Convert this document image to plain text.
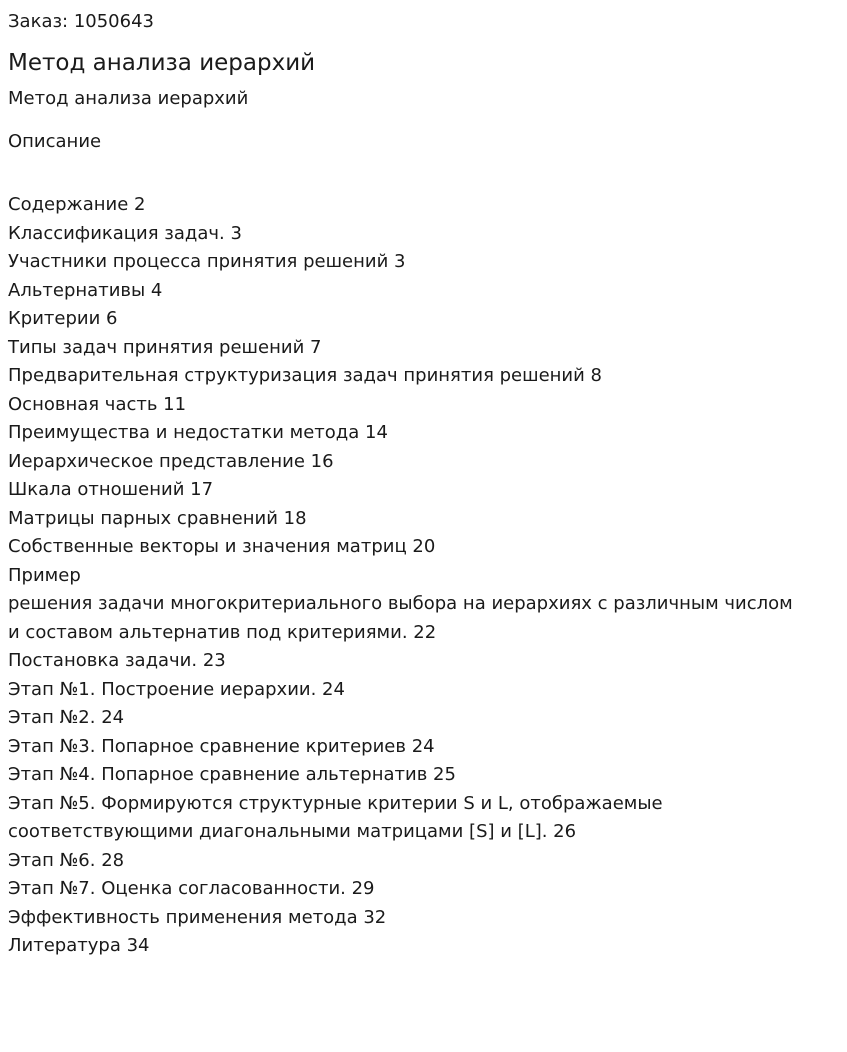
Заказ: 1050643

Метод анализа иерархий

Метод анализа иерархий

Описание

Содержание 2
Классификация задач. 3
Участники процесса принятия решений 3
Альтернативы 4
Критерии 6
Типы задач принятия решений 7
Предварительная структуризация задач принятия решений 8
Основная часть 11
Преимущества и недостатки метода 14
Иерархическое представление 16
Шкала отношений 17
Матрицы парных сравнений 18
Собственные векторы и значения матриц 20
Пример
решения задачи многокритериального выбора на иерархиях с различным числом
и составом альтернатив под критериями. 22
Постановка задачи. 23
Этап №1. Построение иерархии. 24
Этап №2. 24
Этап №3. Попарное сравнение критериев 24
Этап №4. Попарное сравнение альтернатив 25
Этап №5. Формируются структурные критерии S и L, отображаемые
соответствующими диагональными матрицами [S] и [L]. 26
Этап №6. 28
Этап №7. Оценка согласованности. 29
Эффективность применения метода 32
Литература 34
